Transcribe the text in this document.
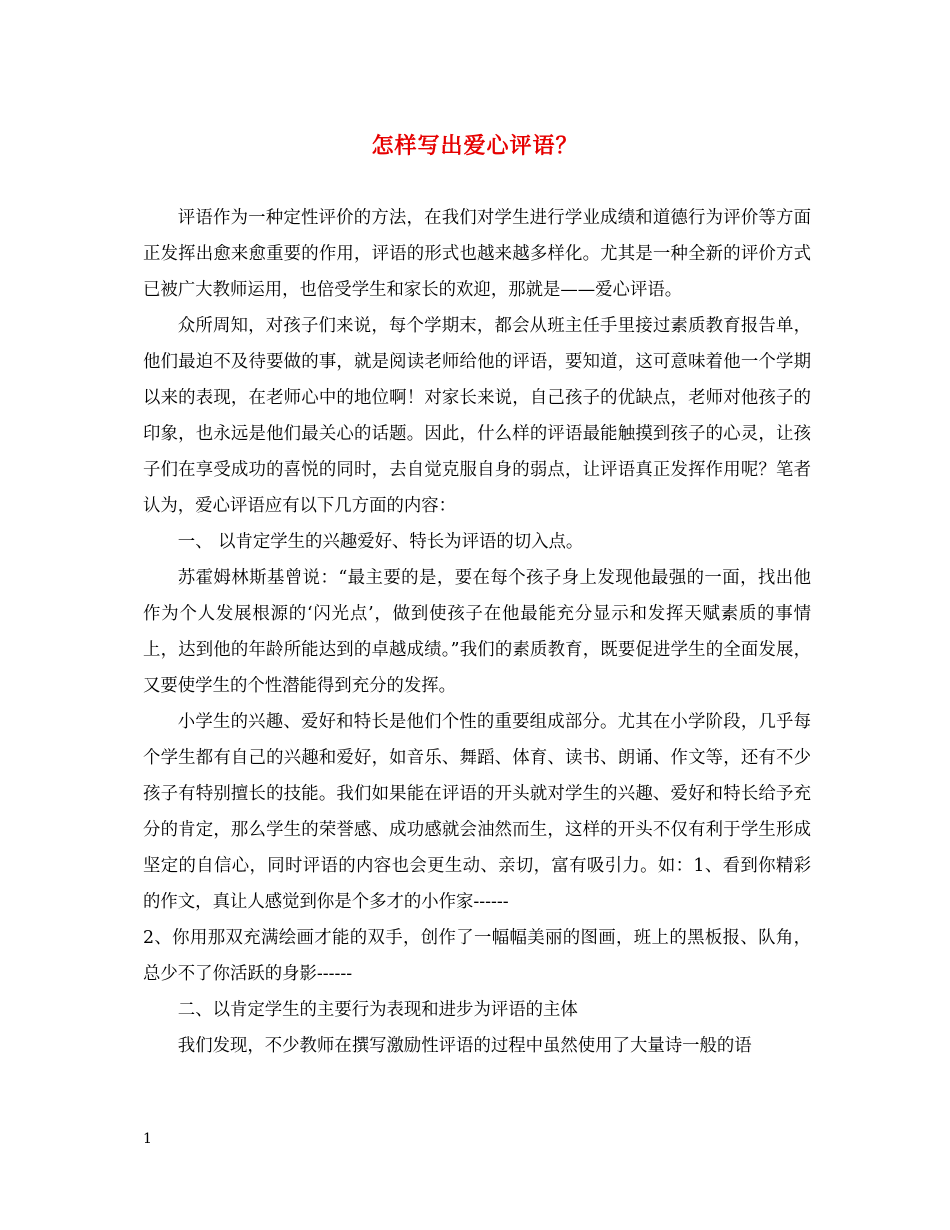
怎样写出爱心评语？

评语作为一种定性评价的方法，在我们对学生进行学业成绩和道德行为评价等方面正发挥出愈来愈重要的作用，评语的形式也越来越多样化。尤其是一种全新的评价方式已被广大教师运用，也倍受学生和家长的欢迎，那就是——爱心评语。

众所周知，对孩子们来说，每个学期末，都会从班主任手里接过素质教育报告单，他们最迫不及待要做的事，就是阅读老师给他的评语，要知道，这可意味着他一个学期以来的表现，在老师心中的地位啊！对家长来说，自己孩子的优缺点，老师对他孩子的印象，也永远是他们最关心的话题。因此，什么样的评语最能触摸到孩子的心灵，让孩子们在享受成功的喜悦的同时，去自觉克服自身的弱点，让评语真正发挥作用呢？笔者认为，爱心评语应有以下几方面的内容：

一、 以肯定学生的兴趣爱好、特长为评语的切入点。

苏霍姆林斯基曾说：“最主要的是，要在每个孩子身上发现他最强的一面，找出他作为个人发展根源的‘闪光点’，做到使孩子在他最能充分显示和发挥天赋素质的事情上，达到他的年龄所能达到的卓越成绩。”我们的素质教育，既要促进学生的全面发展，又要使学生的个性潜能得到充分的发挥。

小学生的兴趣、爱好和特长是他们个性的重要组成部分。尤其在小学阶段，几乎每个学生都有自己的兴趣和爱好，如音乐、舞蹈、体育、读书、朗诵、作文等，还有不少孩子有特别擅长的技能。我们如果能在评语的开头就对学生的兴趣、爱好和特长给予充分的肯定，那么学生的荣誉感、成功感就会油然而生，这样的开头不仅有利于学生形成坚定的自信心，同时评语的内容也会更生动、亲切，富有吸引力。如：1、看到你精彩的作文，真让人感觉到你是个多才的小作家------

2、你用那双充满绘画才能的双手，创作了一幅幅美丽的图画，班上的黑板报、队角，总少不了你活跃的身影------

二、以肯定学生的主要行为表现和进步为评语的主体

我们发现，不少教师在撰写激励性评语的过程中虽然使用了大量诗一般的语

1
